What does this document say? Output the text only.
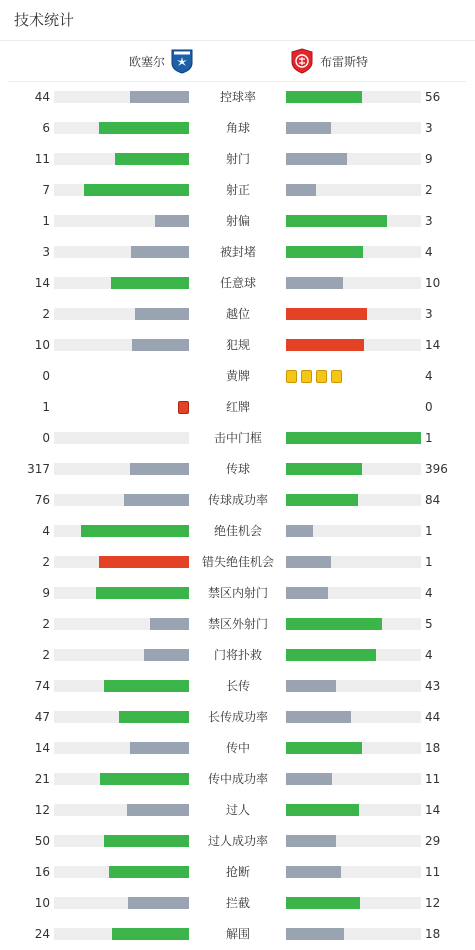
技术统计
欧塞尔	布雷斯特
44	控球率	56
6	角球	3
11	射门	9
7	射正	2
1	射偏	3
3	被封堵	4
14	任意球	10
2	越位	3
10	犯规	14
0	黄牌	4
1	红牌	0
0	击中门框	1
317	传球	396
76	传球成功率	84
4	绝佳机会	1
2	错失绝佳机会	1
9	禁区内射门	4
2	禁区外射门	5
2	门将扑救	4
74	长传	43
47	长传成功率	44
14	传中	18
21	传中成功率	11
12	过人	14
50	过人成功率	29
16	抢断	11
10	拦截	12
24	解围	18
